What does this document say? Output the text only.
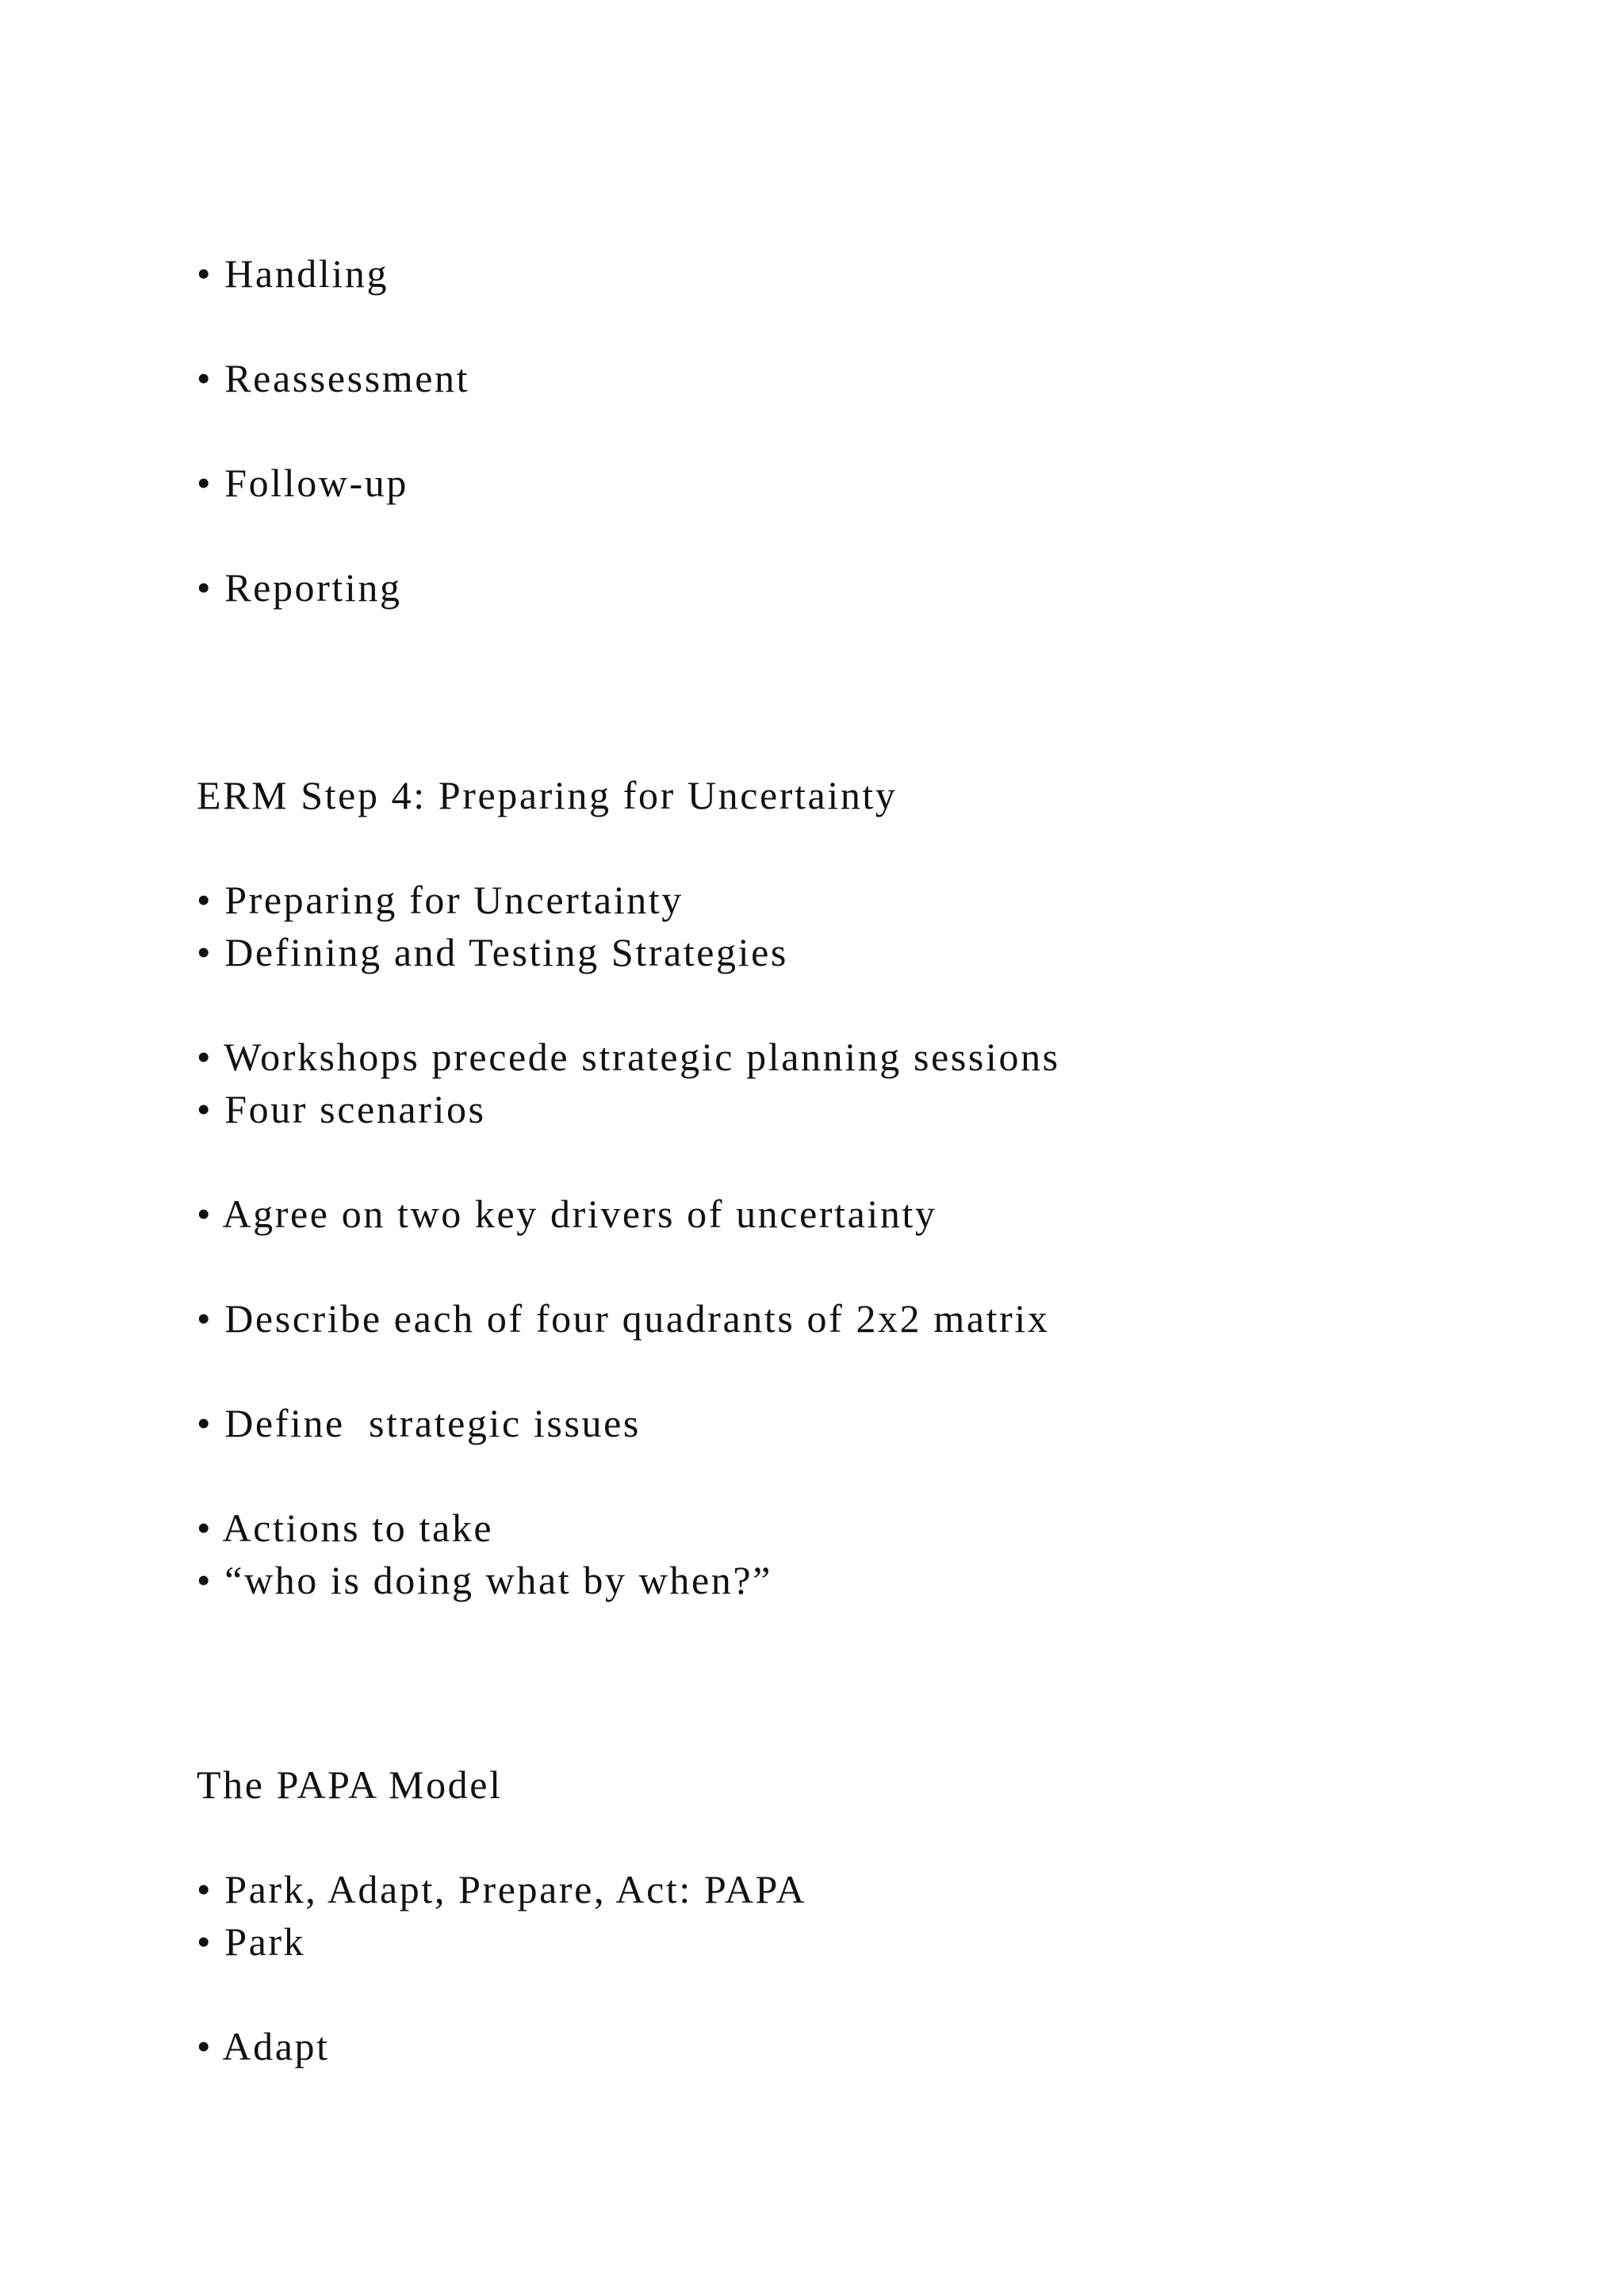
• Handling

• Reassessment

• Follow-up

• Reporting

ERM Step 4: Preparing for Uncertainty

• Preparing for Uncertainty

• Defining and Testing Strategies

• Workshops precede strategic planning sessions

• Four scenarios

• Agree on two key drivers of uncertainty

• Describe each of four quadrants of 2x2 matrix

• Define  strategic issues

• Actions to take

• “who is doing what by when?”

The PAPA Model

• Park, Adapt, Prepare, Act: PAPA

• Park

• Adapt
